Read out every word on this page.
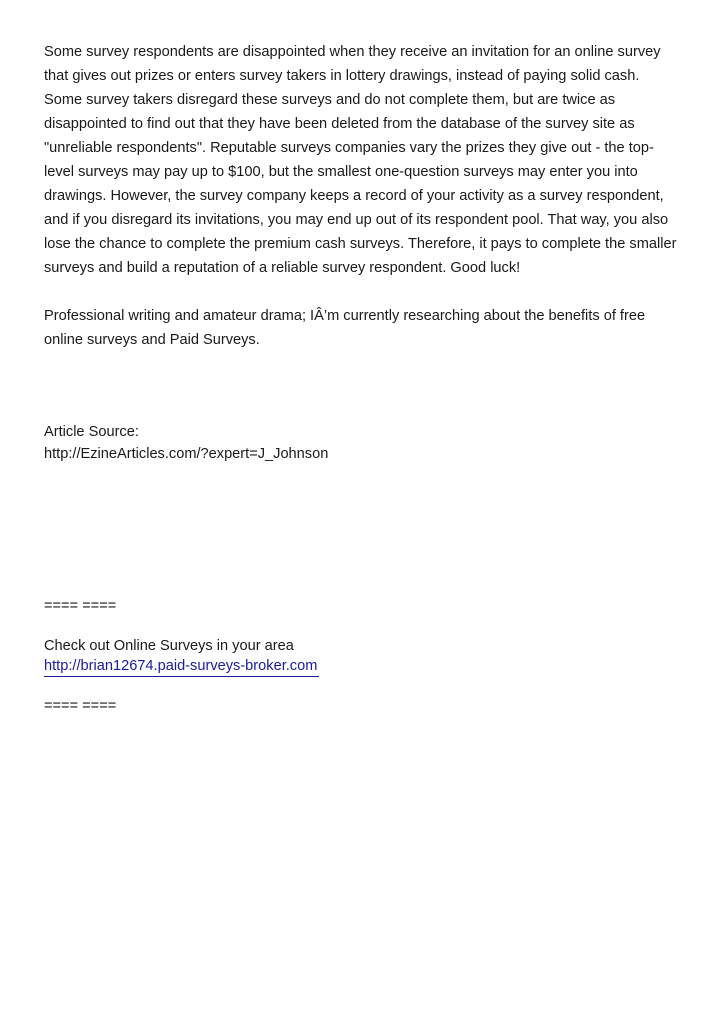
Some survey respondents are disappointed when they receive an invitation for an online survey
that gives out prizes or enters survey takers in lottery drawings, instead of paying solid cash.
Some survey takers disregard these surveys and do not complete them, but are twice as
disappointed to find out that they have been deleted from the database of the survey site as
"unreliable respondents". Reputable surveys companies vary the prizes they give out - the top-
level surveys may pay up to $100, but the smallest one-question surveys may enter you into
drawings. However, the survey company keeps a record of your activity as a survey respondent,
and if you disregard its invitations, you may end up out of its respondent pool. That way, you also
lose the chance to complete the premium cash surveys. Therefore, it pays to complete the smaller
surveys and build a reputation of a reliable survey respondent. Good luck!
Professional writing and amateur drama; IÂ’m currently researching about the benefits of free
online surveys and Paid Surveys.
Article Source:
http://EzineArticles.com/?expert=J_Johnson
==== ====
Check out Online Surveys in your area
http://brian12674.paid-surveys-broker.com
==== ====
